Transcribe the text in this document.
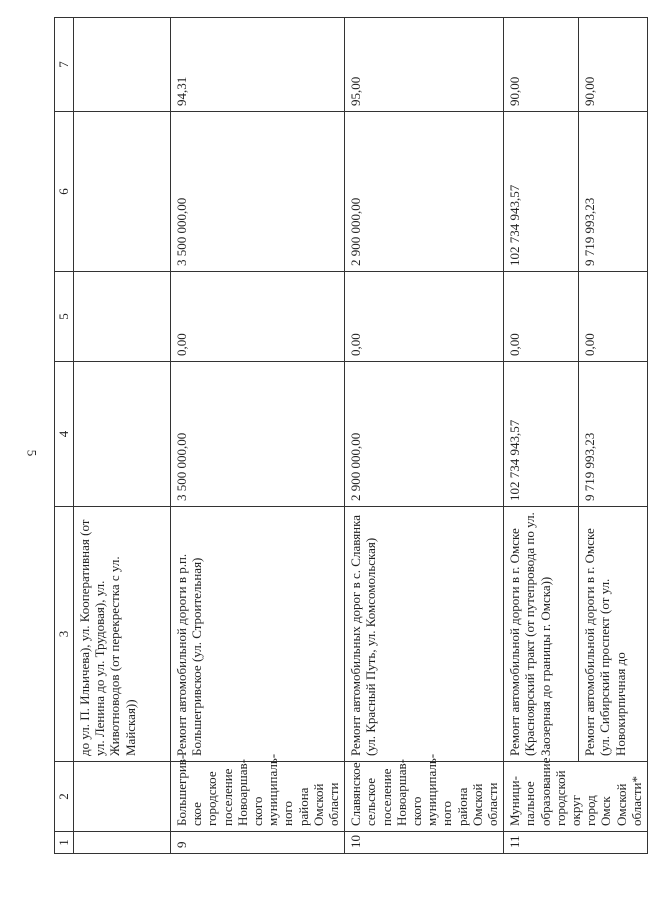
5
1	2	3	4	5	6	7
		до ул. П. Ильичева), ул. Кооперативная (от ул. Ленина до ул. Трудовая), ул. Животноводов (от перекрестка с ул. Майская))				
9	Большегрив-ское городское поселение Новоаршав-ского муниципаль-ного района Омской области	Ремонт автомобильной дороги в р.п. Большегривское (ул. Строительная)	3 500 000,00	0,00	3 500 000,00	94,31
10	Славянское сельское поселение Новоаршав-ского муниципаль-ного района Омской области	Ремонт автомобильных дорог в с. Славянка (ул. Красный Путь, ул. Комсомольская)	2 900 000,00	0,00	2 900 000,00	95,00
11	Муници-пальное образование городской округ город Омск Омской области*	Ремонт автомобильной дороги в г. Омске (Красноярский тракт (от путепровода по ул. Заозерная до границы г. Омска))	102 734 943,57	0,00	102 734 943,57	90,00
		Ремонт автомобильной дороги в г. Омске (ул. Сибирский проспект (от ул. Новокирпичная до	9 719 993,23	0,00	9 719 993,23	90,00
